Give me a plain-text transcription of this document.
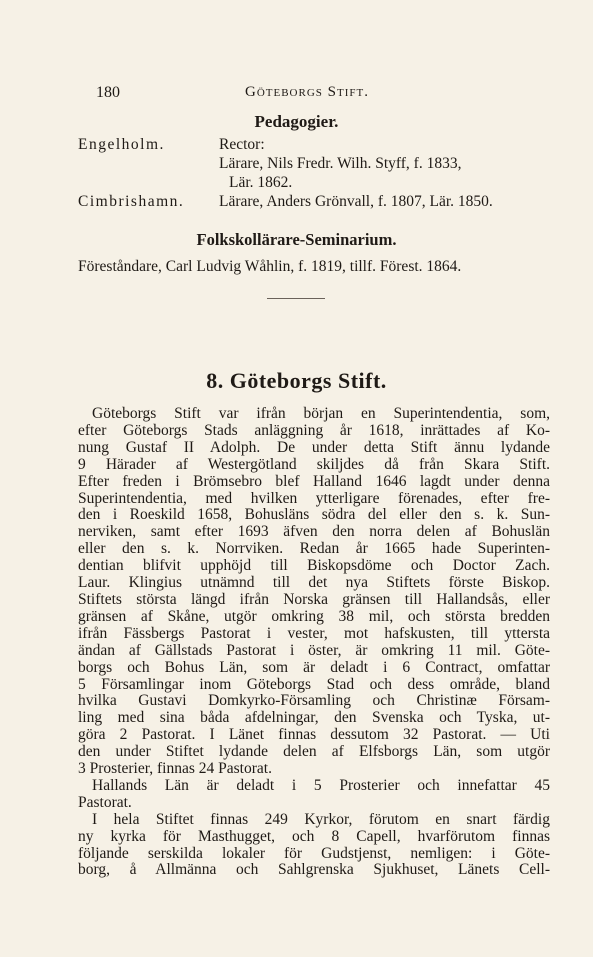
180	Göteborgs Stift.
Pedagogier.
Engelholm.	Rector:
Lärare, Nils Fredr. Wilh. Styff, f. 1833,
Lär. 1862.
Cimbrishamn. Lärare, Anders Grönvall, f. 1807, Lär. 1850.
Folkskollärare-Seminarium.
Föreståndare, Carl Ludvig Wåhlin, f. 1819, tillf. Förest. 1864.
8. Göteborgs Stift.
Göteborgs Stift var ifrån början en Superintendentia, som,
efter Göteborgs Stads anläggning år 1618, inrättades af Ko-
nung Gustaf II Adolph. De under detta Stift ännu lydande
9 Härader af Westergötland skiljdes då från Skara Stift.
Efter freden i Brömsebro blef Halland 1646 lagdt under denna
Superintendentia, med hvilken ytterligare förenades, efter fre-
den i Roeskild 1658, Bohusläns södra del eller den s. k. Sun-
nerviken, samt efter 1693 äfven den norra delen af Bohuslän
eller den s. k. Norrviken. Redan år 1665 hade Superinten-
dentian blifvit upphöjd till Biskopsdöme och Doctor Zach.
Laur. Klingius utnämnd till det nya Stiftets förste Biskop.
Stiftets största längd ifrån Norska gränsen till Hallandsås, eller
gränsen af Skåne, utgör omkring 38 mil, och största bredden
ifrån Fässbergs Pastorat i vester, mot hafskusten, till yttersta
ändan af Gällstads Pastorat i öster, är omkring 11 mil. Göte-
borgs och Bohus Län, som är deladt i 6 Contract, omfattar
5 Församlingar inom Göteborgs Stad och dess område, bland
hvilka Gustavi Domkyrko-Församling och Christinæ Försam-
ling med sina båda afdelningar, den Svenska och Tyska, ut-
göra 2 Pastorat. I Länet finnas dessutom 32 Pastorat. — Uti
den under Stiftet lydande delen af Elfsborgs Län, som utgör
3 Prosterier, finnas 24 Pastorat.
Hallands Län är deladt i 5 Prosterier och innefattar 45
Pastorat.
I hela Stiftet finnas 249 Kyrkor, förutom en snart färdig
ny kyrka för Masthugget, och 8 Capell, hvarförutom finnas
följande serskilda lokaler för Gudstjenst, nemligen: i Göte-
borg, å Allmänna och Sahlgrenska Sjukhuset, Länets Cell-
